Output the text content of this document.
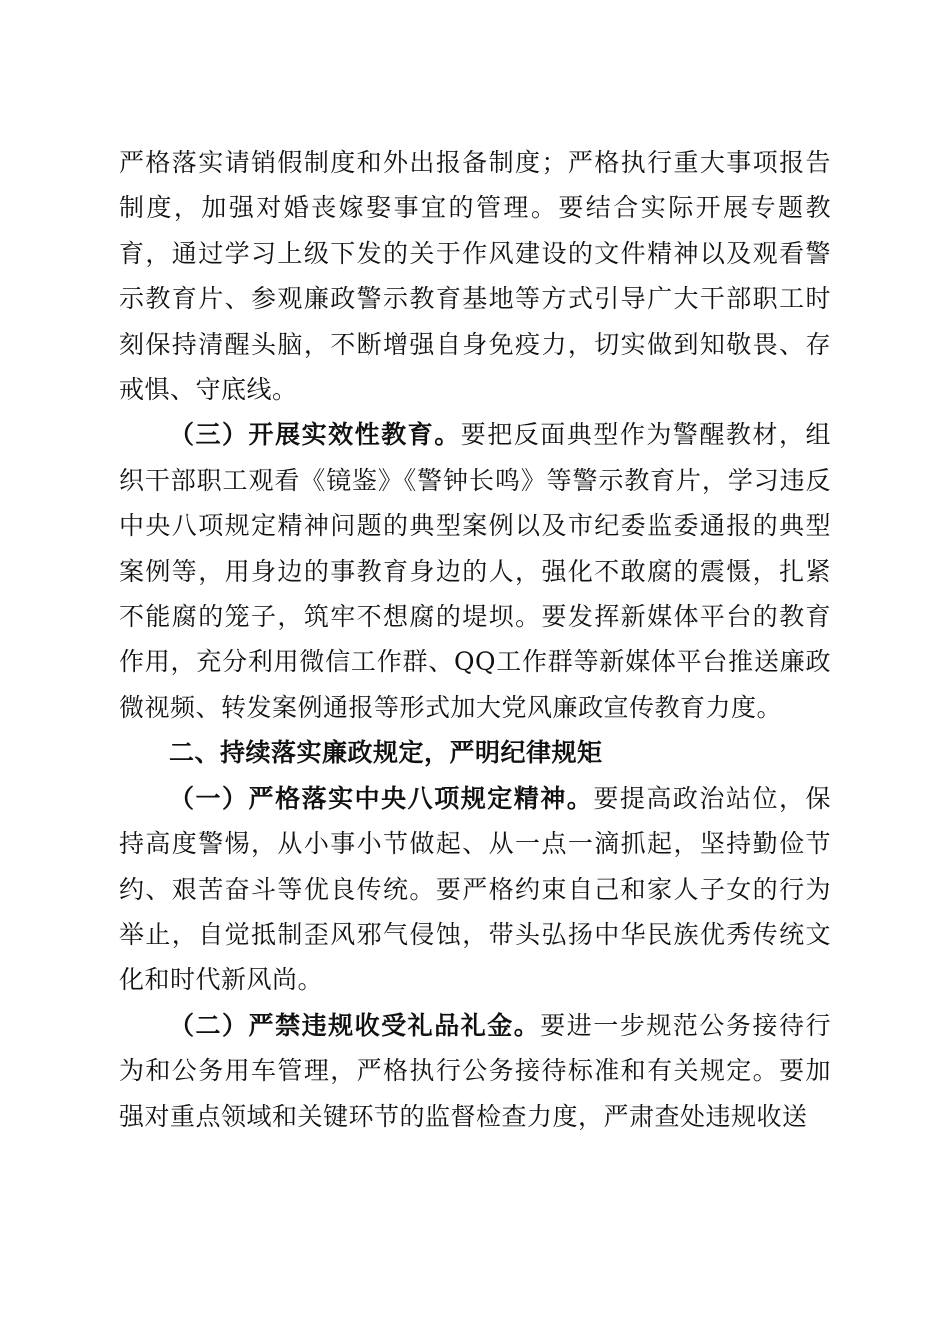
严格落实请销假制度和外出报备制度；严格执行重大事项报告制度，加强对婚丧嫁娶事宜的管理。要结合实际开展专题教育，通过学习上级下发的关于作风建设的文件精神以及观看警示教育片、参观廉政警示教育基地等方式引导广大干部职工时刻保持清醒头脑，不断增强自身免疫力，切实做到知敬畏、存戒惧、守底线。

（三）开展实效性教育。要把反面典型作为警醒教材，组织干部职工观看《镜鉴》《警钟长鸣》等警示教育片，学习违反中央八项规定精神问题的典型案例以及市纪委监委通报的典型案例等，用身边的事教育身边的人，强化不敢腐的震慑，扎紧不能腐的笼子，筑牢不想腐的堤坝。要发挥新媒体平台的教育作用，充分利用微信工作群、QQ工作群等新媒体平台推送廉政微视频、转发案例通报等形式加大党风廉政宣传教育力度。

二、持续落实廉政规定，严明纪律规矩

（一）严格落实中央八项规定精神。要提高政治站位，保持高度警惕，从小事小节做起、从一点一滴抓起，坚持勤俭节约、艰苦奋斗等优良传统。要严格约束自己和家人子女的行为举止，自觉抵制歪风邪气侵蚀，带头弘扬中华民族优秀传统文化和时代新风尚。

（二）严禁违规收受礼品礼金。要进一步规范公务接待行为和公务用车管理，严格执行公务接待标准和有关规定。要加强对重点领域和关键环节的监督检查力度，严肃查处违规收送
